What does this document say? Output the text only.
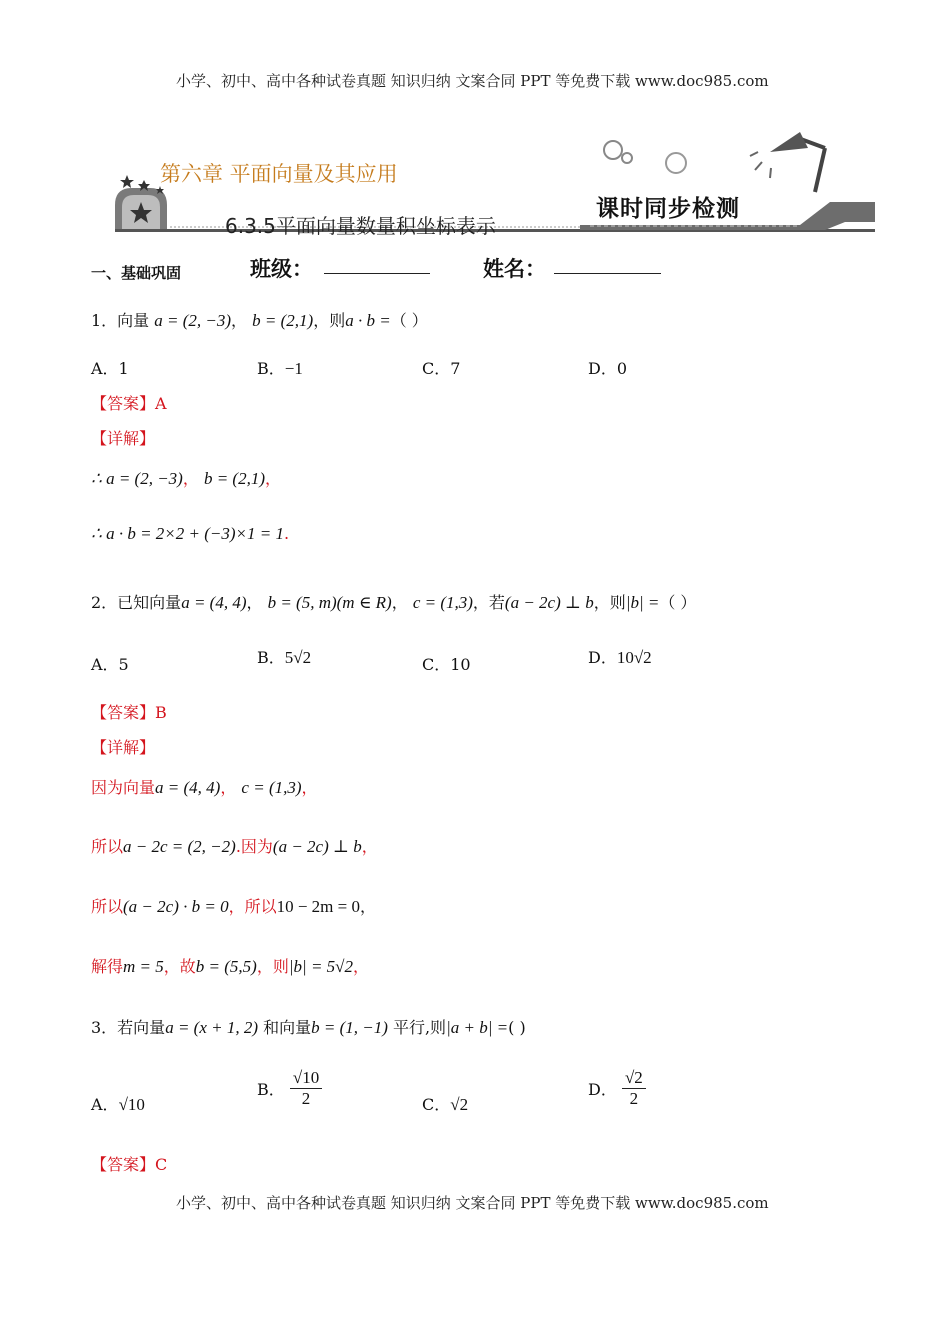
小学、初中、高中各种试卷真题 知识归纳 文案合同 PPT 等免费下载 www.doc985.com
第六章 平面向量及其应用
6.3.5平面向量数量积坐标表示
课时同步检测
一、基础巩固	班级：	姓名：
1．向量 a = (2, −3)， b = (2,1)，则a · b =（ ）
A．1	B．−1	C．7	D．0
【答案】A
【详解】
∴ a = (2, −3)， b = (2,1)，
∴ a · b = 2×2 + (−3)×1 = 1.
2．已知向量a = (4, 4)， b = (5, m)(m ∈ R)， c = (1,3)，若(a − 2c) ⊥ b，则|b| =（ ）
A．5	B．5√2	C．10	D．10√2
【答案】B
【详解】
因为向量a = (4, 4)， c = (1,3)，
所以a − 2c = (2, −2).因为(a − 2c) ⊥ b，
所以(a − 2c) · b = 0，所以10 − 2m = 0，
解得m = 5，故b = (5,5)，则|b| = 5√2，
3．若向量a = (x + 1, 2) 和向量b = (1, −1) 平行,则|a + b| =( )
A．√10
B． $\frac{√10}{2}$	C．√2
D． $\frac{√2}{2}$
【答案】C
小学、初中、高中各种试卷真题 知识归纳 文案合同 PPT 等免费下载 www.doc985.com
